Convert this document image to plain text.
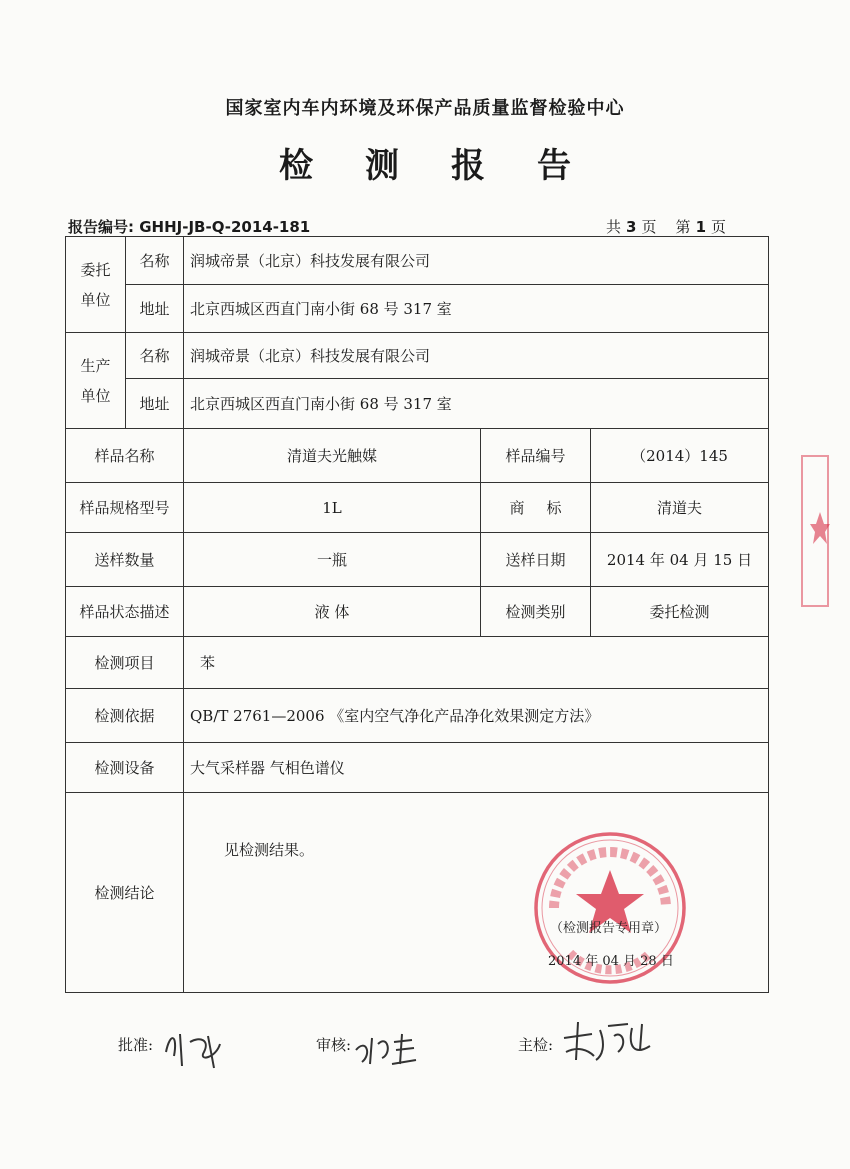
国家室内车内环境及环保产品质量监督检验中心
检测报告
报告编号: GHHJ-JB-Q-2014-181	共 3 页 第 1 页
委托单位	名称	润城帝景（北京）科技发展有限公司		
	地址	北京西城区西直门南小街 68 号 317 室		

生产单位	名称	润城帝景（北京）科技发展有限公司		
	地址	北京西城区西直门南小街 68 号 317 室		
样品名称		清道夫光触媒	样品编号	（2014）145
样品规格型号		1L	商标	清道夫
送样数量		一瓶	送样日期	2014 年 04 月 15 日
样品状态描述		液 体	检测类别	委托检测
检测项目		苯		
检测依据		QB/T 2761—2006 《室内空气净化产品净化效果测定方法》		
检测设备		大气采样器 气相色谱仪		
检测结论		见检测结果。		
（检测报告专用章）
2014 年 04 月 28 日
批准:	审核:	主检:
